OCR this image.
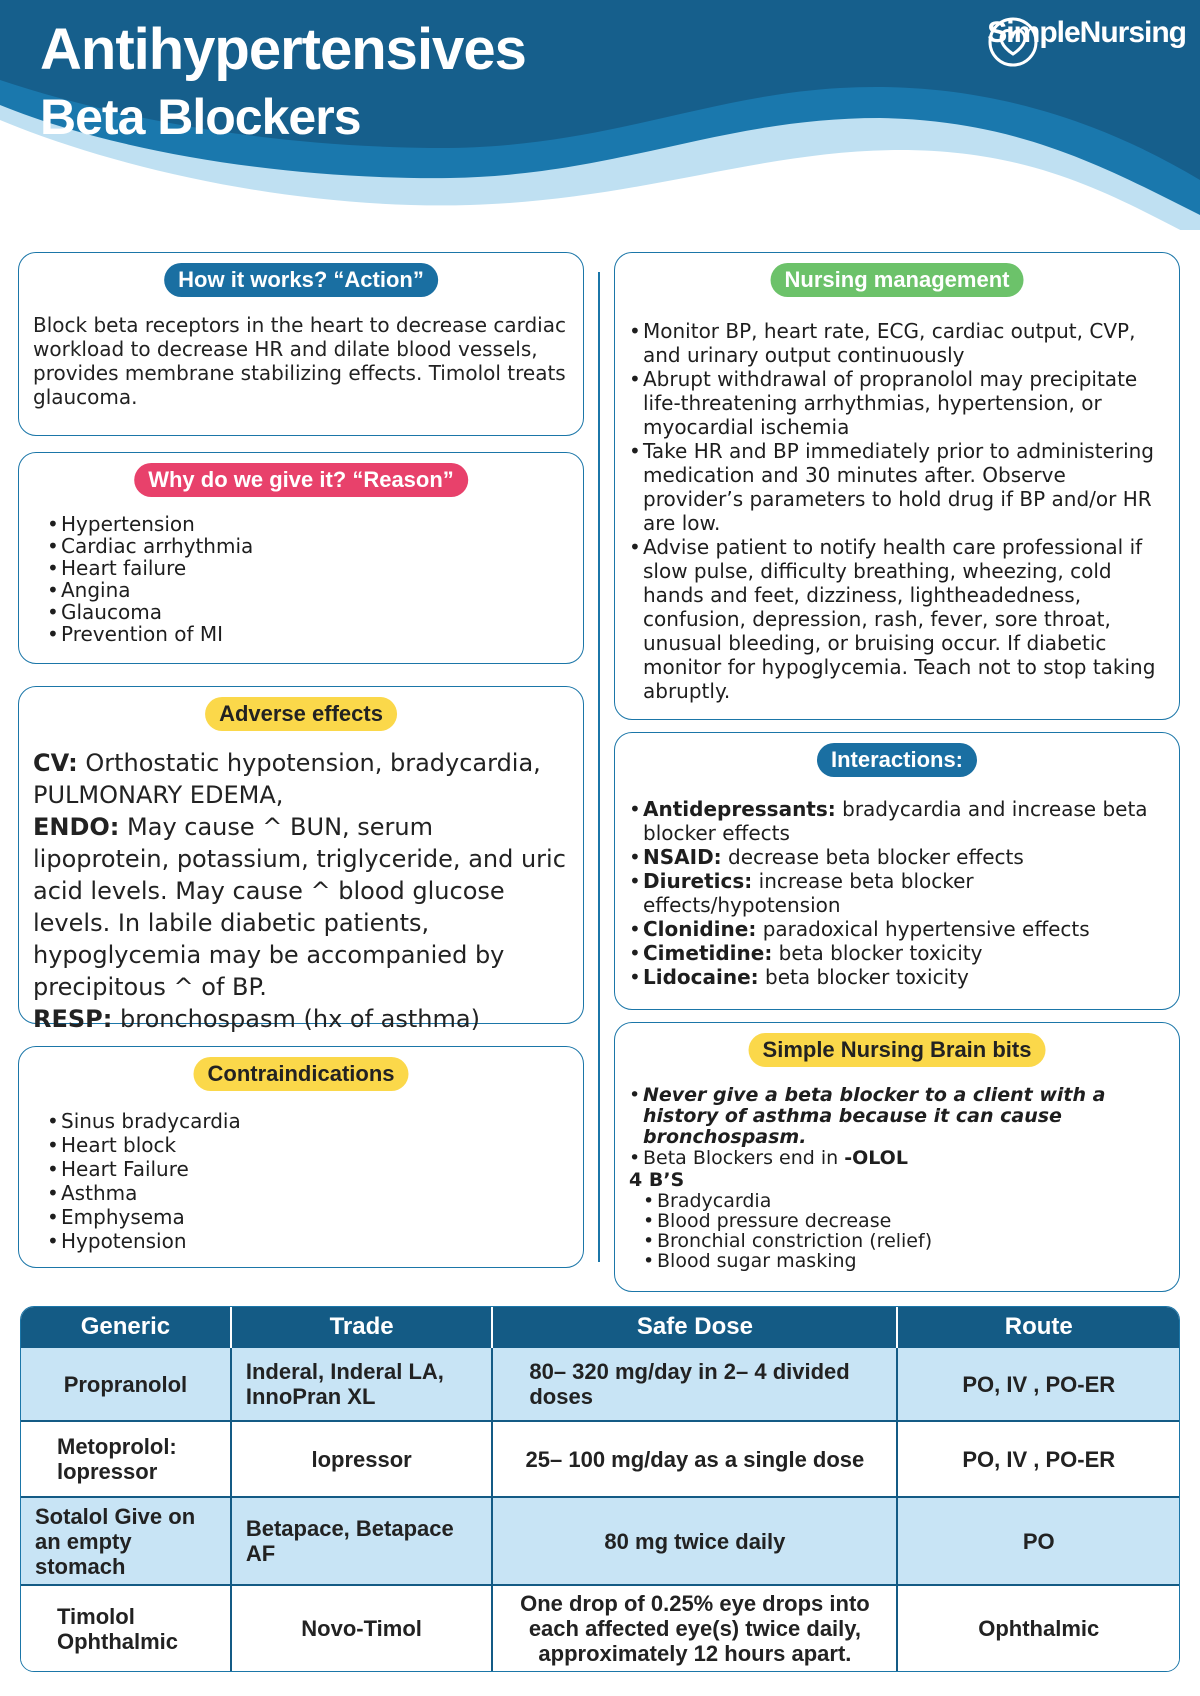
Antihypertensives
Beta Blockers
SimpleNursing
How it works? “Action”
Block beta receptors in the heart to decrease cardiac workload to decrease HR and dilate blood vessels, provides membrane stabilizing effects. Timolol treats glaucoma.
Why do we give it? “Reason”
• Hypertension
• Cardiac arrhythmia
• Heart failure
• Angina
• Glaucoma
• Prevention of MI
Adverse effects
CV: Orthostatic hypotension, bradycardia, PULMONARY EDEMA,
ENDO: May cause ^ BUN, serum lipoprotein, potassium, triglyceride, and uric acid levels. May cause ^ blood glucose levels. In labile diabetic patients, hypoglycemia may be accompanied by precipitous ^ of BP.
RESP: bronchospasm (hx of asthma)
Contraindications
• Sinus bradycardia
• Heart block
• Heart Failure
• Asthma
• Emphysema
• Hypotension
Nursing management
• Monitor BP, heart rate, ECG, cardiac output, CVP, and urinary output continuously
• Abrupt withdrawal of propranolol may precipitate life-threatening arrhythmias, hypertension, or myocardial ischemia
• Take HR and BP immediately prior to administering medication and 30 minutes after. Observe provider’s parameters to hold drug if BP and/or HR are low.
• Advise patient to notify health care professional if slow pulse, difficulty breathing, wheezing, cold hands and feet, dizziness, lightheadedness, confusion, depression, rash, fever, sore throat, unusual bleeding, or bruising occur. If diabetic monitor for hypoglycemia. Teach not to stop taking abruptly.
Interactions:
• Antidepressants: bradycardia and increase beta blocker effects
• NSAID: decrease beta blocker effects
• Diuretics: increase beta blocker effects/hypotension
• Clonidine: paradoxical hypertensive effects
• Cimetidine: beta blocker toxicity
• Lidocaine: beta blocker toxicity
Simple Nursing Brain bits
• Never give a beta blocker to a client with a history of asthma because it can cause bronchospasm.
• Beta Blockers end in -OLOL
4 B’S
• Bradycardia
• Blood pressure decrease
• Bronchial constriction (relief)
• Blood sugar masking
Generic	Trade	Safe Dose	Route
Propranolol	Inderal, Inderal LA, InnoPran XL	80– 320 mg/day in 2– 4 divided doses	PO, IV , PO-ER
Metoprolol: lopressor	lopressor	25– 100 mg/day as a single dose	PO, IV , PO-ER
Sotalol Give on an empty stomach	Betapace, Betapace AF	80 mg twice daily	PO
Timolol Ophthalmic	Novo-Timol	One drop of 0.25% eye drops into each affected eye(s) twice daily, approximately 12 hours apart.	Ophthalmic
